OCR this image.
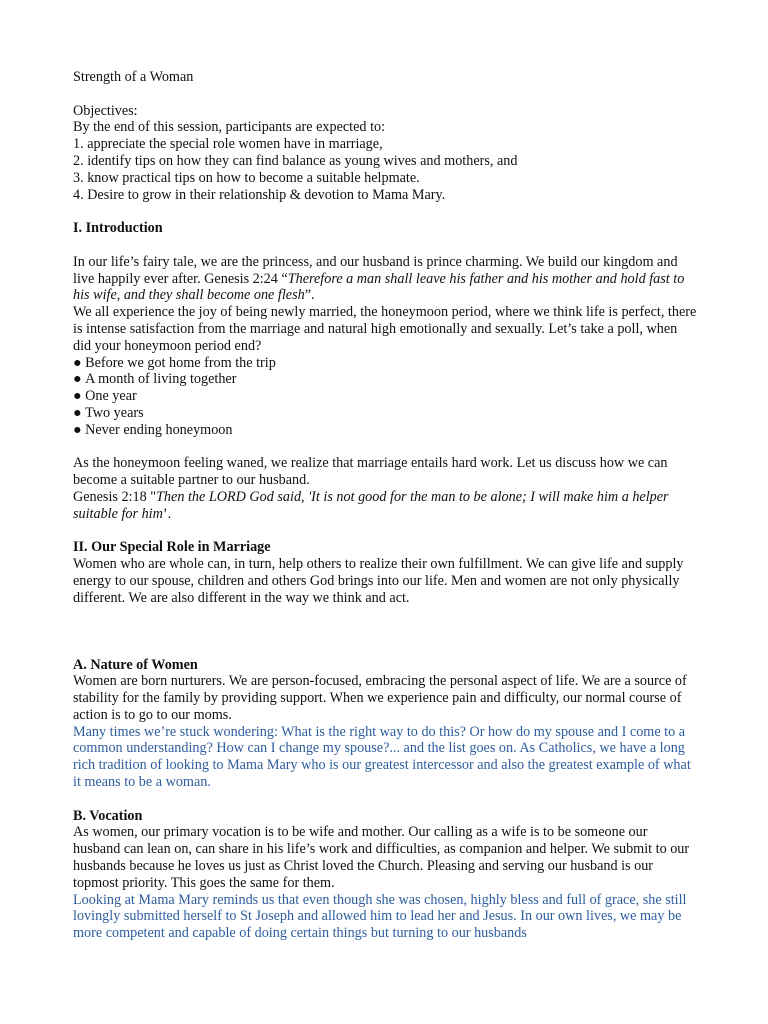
Strength of a Woman

Objectives:

By the end of this session, participants are expected to:

1. appreciate the special role women have in marriage,

2. identify tips on how they can find balance as young wives and mothers, and

3. know practical tips on how to become a suitable helpmate.

4. Desire to grow in their relationship & devotion to Mama Mary.

I. Introduction

In our life’s fairy tale, we are the princess, and our husband is prince charming. We build our kingdom and live happily ever after. Genesis 2:24 “Therefore a man shall leave his father and his mother and hold fast to his wife, and they shall become one flesh”.

We all experience the joy of being newly married, the honeymoon period, where we think life is perfect, there is intense satisfaction from the marriage and natural high emotionally and sexually. Let’s take a poll, when did your honeymoon period end?

● Before we got home from the trip
● A month of living together
● One year
● Two years
● Never ending honeymoon

As the honeymoon feeling waned, we realize that marriage entails hard work. Let us discuss how we can become a suitable partner to our husband.

Genesis 2:18 "Then the LORD God said, 'It is not good for the man to be alone; I will make him a helper suitable for him’.

II. Our Special Role in Marriage

Women who are whole can, in turn, help others to realize their own fulfillment. We can give life and supply energy to our spouse, children and others God brings into our life. Men and women are not only physically different. We are also different in the way we think and act.

A. Nature of Women

Women are born nurturers. We are person-focused, embracing the personal aspect of life. We are a source of stability for the family by providing support. When we experience pain and difficulty, our normal course of action is to go to our moms.

Many times we’re stuck wondering: What is the right way to do this? Or how do my spouse and I come to a common understanding? How can I change my spouse?... and the list goes on. As Catholics, we have a long rich tradition of looking to Mama Mary who is our greatest intercessor and also the greatest example of what it means to be a woman.

B. Vocation

As women, our primary vocation is to be wife and mother. Our calling as a wife is to be someone our husband can lean on, can share in his life’s work and difficulties, as companion and helper. We submit to our husbands because he loves us just as Christ loved the Church. Pleasing and serving our husband is our topmost priority. This goes the same for them.

Looking at Mama Mary reminds us that even though she was chosen, highly bless and full of grace, she still lovingly submitted herself to St Joseph and allowed him to lead her and Jesus. In our own lives, we may be more competent and capable of doing certain things but turning to our husbands
